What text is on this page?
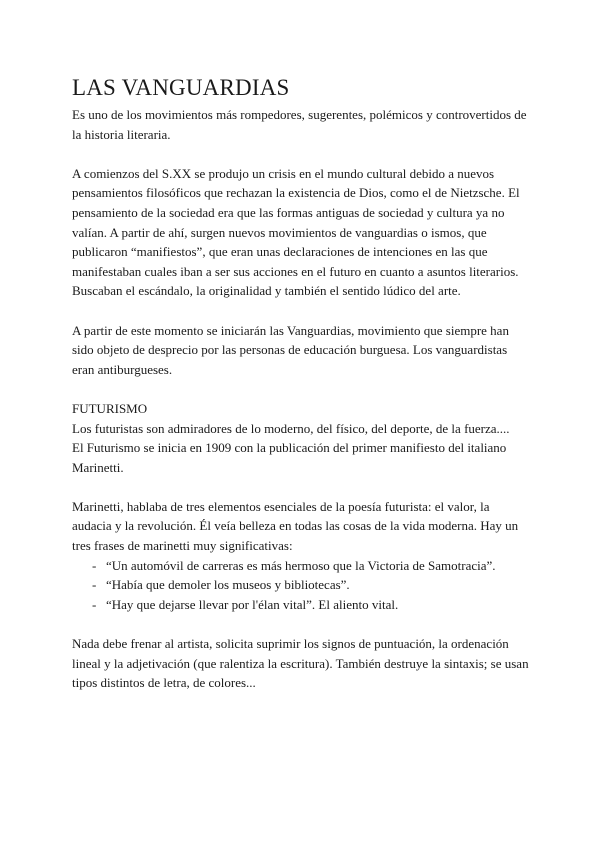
LAS VANGUARDIAS

Es uno de los movimientos más rompedores, sugerentes, polémicos y controvertidos de la historia literaria.

A comienzos del S.XX se produjo un crisis en el mundo cultural debido a nuevos pensamientos filosóficos que rechazan la existencia de Dios, como el de Nietzsche. El pensamiento de la sociedad era que las formas antiguas de sociedad y cultura ya no valían. A partir de ahí, surgen nuevos movimientos de vanguardias o ismos, que publicaron “manifiestos”, que eran unas declaraciones de intenciones en las que manifestaban cuales iban a ser sus acciones en el futuro en cuanto a asuntos literarios. Buscaban el escándalo, la originalidad y también el sentido lúdico del arte.

A partir de este momento se iniciarán las Vanguardias, movimiento que siempre han sido objeto de desprecio por las personas de educación burguesa. Los vanguardistas eran antiburgueses.

FUTURISMO

Los futuristas son admiradores de lo moderno, del físico, del deporte, de la fuerza....

El Futurismo se inicia en 1909 con la publicación del primer manifiesto del italiano Marinetti.

Marinetti, hablaba de tres elementos esenciales de la poesía futurista: el valor, la audacia y la revolución. Él veía belleza en todas las cosas de la vida moderna. Hay un tres frases de marinetti muy significativas:

- “Un automóvil de carreras es más hermoso que la Victoria de Samotracia”.
- “Había que demoler los museos y bibliotecas”.
- “Hay que dejarse llevar por l'élan vital”. El aliento vital.

Nada debe frenar al artista, solicita suprimir los signos de puntuación, la ordenación lineal y la adjetivación (que ralentiza la escritura). También destruye la sintaxis; se usan tipos distintos de letra, de colores...
